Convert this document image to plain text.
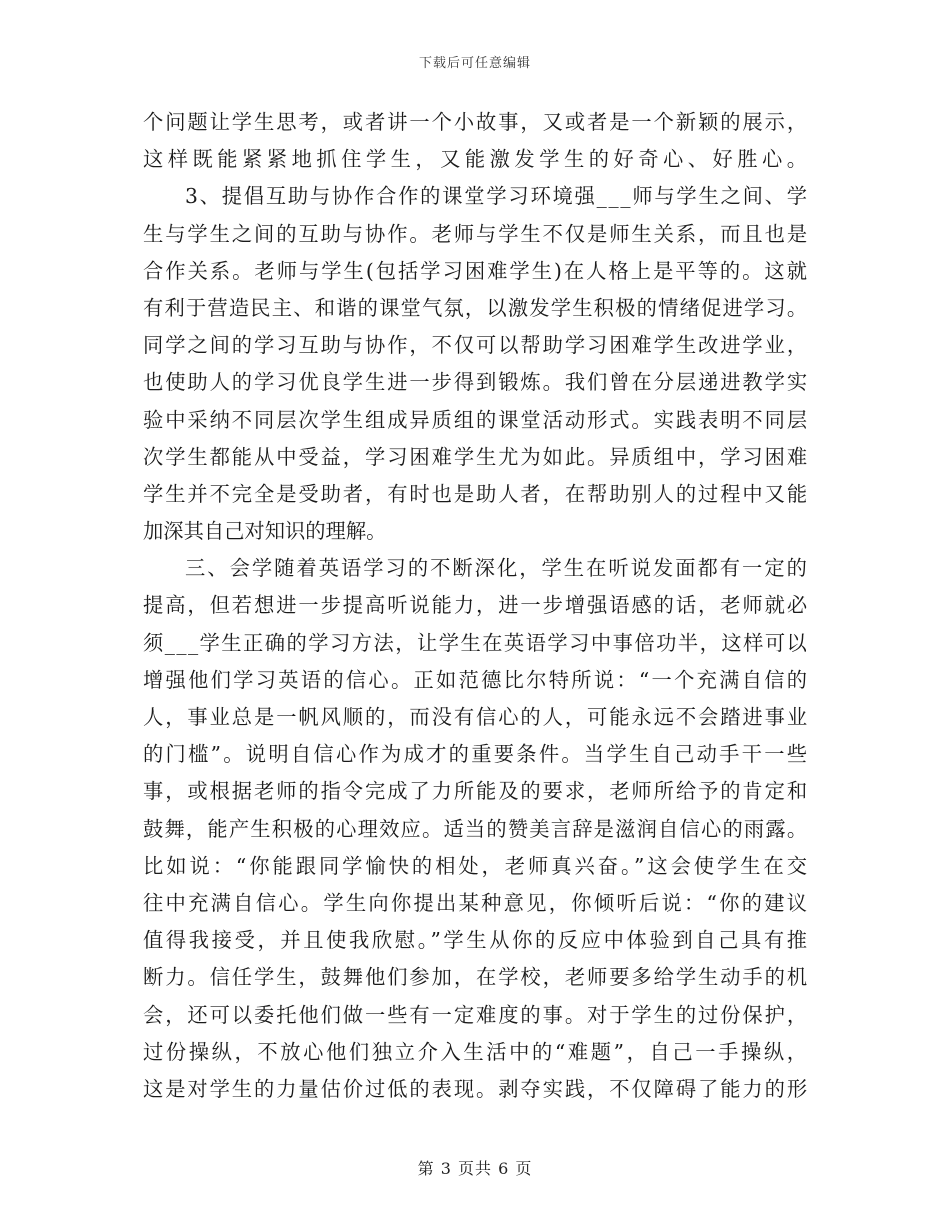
下载后可任意编辑
个问题让学生思考，或者讲一个小故事，又或者是一个新颖的展示，
这样既能紧紧地抓住学生，又能激发学生的好奇心、好胜心。
3、提倡互助与协作合作的课堂学习环境强___师与学生之间、学
生与学生之间的互助与协作。老师与学生不仅是师生关系，而且也是
合作关系。老师与学生(包括学习困难学生)在人格上是平等的。这就
有利于营造民主、和谐的课堂气氛，以激发学生积极的情绪促进学习。
同学之间的学习互助与协作，不仅可以帮助学习困难学生改进学业，
也使助人的学习优良学生进一步得到锻炼。我们曾在分层递进教学实
验中采纳不同层次学生组成异质组的课堂活动形式。实践表明不同层
次学生都能从中受益，学习困难学生尤为如此。异质组中，学习困难
学生并不完全是受助者，有时也是助人者，在帮助别人的过程中又能
加深其自己对知识的理解。
三、会学随着英语学习的不断深化，学生在听说发面都有一定的
提高，但若想进一步提高听说能力，进一步增强语感的话，老师就必
须___学生正确的学习方法，让学生在英语学习中事倍功半，这样可以
增强他们学习英语的信心。正如范德比尔特所说：“一个充满自信的
人，事业总是一帆风顺的，而没有信心的人，可能永远不会踏进事业
的门槛”。说明自信心作为成才的重要条件。当学生自己动手干一些
事，或根据老师的指令完成了力所能及的要求，老师所给予的肯定和
鼓舞，能产生积极的心理效应。适当的赞美言辞是滋润自信心的雨露。
比如说：“你能跟同学愉快的相处，老师真兴奋。”这会使学生在交
往中充满自信心。学生向你提出某种意见，你倾听后说：“你的建议
值得我接受，并且使我欣慰。”学生从你的反应中体验到自己具有推
断力。信任学生，鼓舞他们参加，在学校，老师要多给学生动手的机
会，还可以委托他们做一些有一定难度的事。对于学生的过份保护，
过份操纵，不放心他们独立介入生活中的“难题”，自己一手操纵，
这是对学生的力量估价过低的表现。剥夺实践，不仅障碍了能力的形
第 3 页共 6 页
